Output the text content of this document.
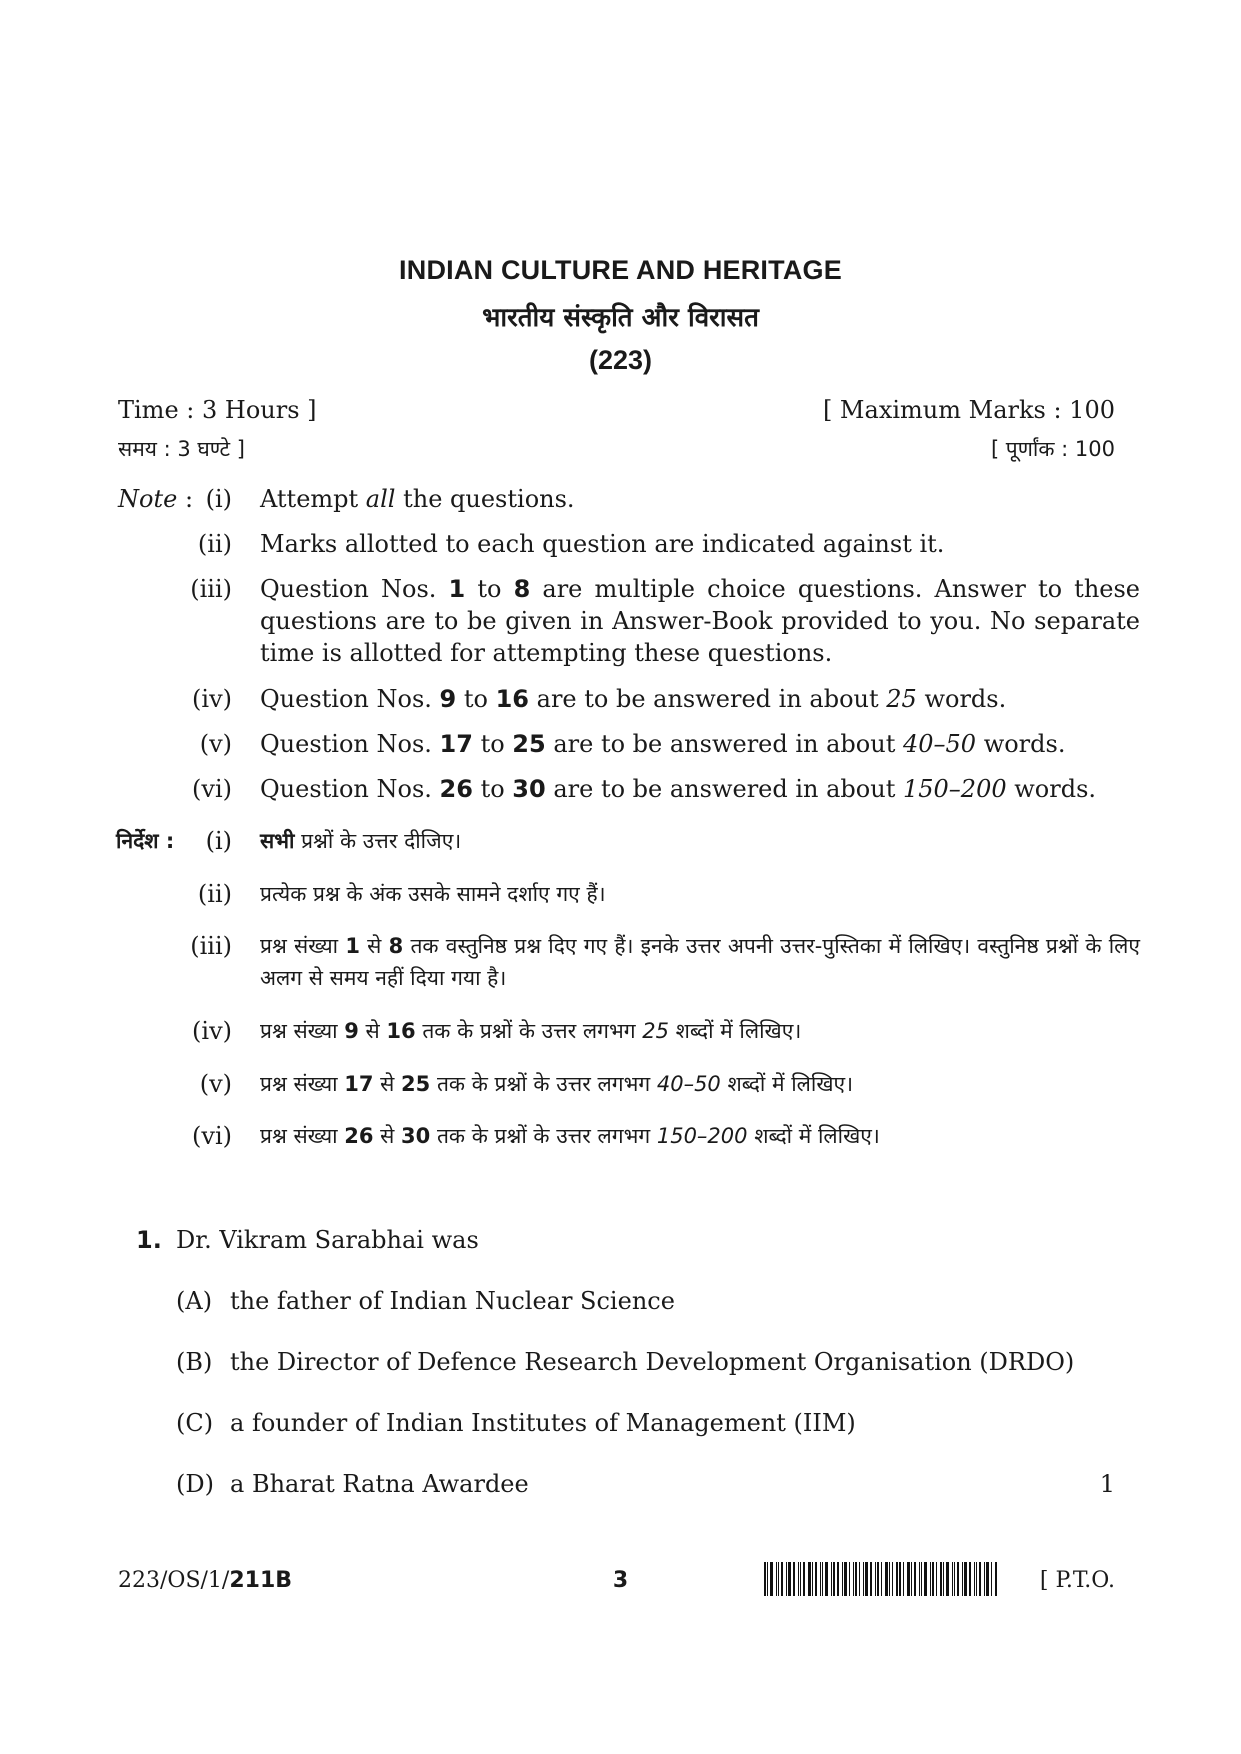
INDIAN CULTURE AND HERITAGE
भारतीय संस्कृति और विरासत
(223)
Time : 3 Hours ]
समय : 3 घण्टे ]
[ Maximum Marks : 100
[ पूर्णांक : 100
Note : (i) Attempt all the questions.
(ii) Marks allotted to each question are indicated against it.
(iii) Question Nos. 1 to 8 are multiple choice questions. Answer to these questions are to be given in Answer-Book provided to you. No separate time is allotted for attempting these questions.
(iv) Question Nos. 9 to 16 are to be answered in about 25 words.
(v) Question Nos. 17 to 25 are to be answered in about 40–50 words.
(vi) Question Nos. 26 to 30 are to be answered in about 150–200 words.
निर्देश :	(i) सभी प्रश्नों के उत्तर दीजिए।
(ii) प्रत्येक प्रश्न के अंक उसके सामने दर्शाए गए हैं।
(iii) प्रश्न संख्या 1 से 8 तक वस्तुनिष्ठ प्रश्न दिए गए हैं। इनके उत्तर अपनी उत्तर-पुस्तिका में लिखिए। वस्तुनिष्ठ प्रश्नों के लिए अलग से समय नहीं दिया गया है।
(iv) प्रश्न संख्या 9 से 16 तक के प्रश्नों के उत्तर लगभग 25 शब्दों में लिखिए।
(v) प्रश्न संख्या 17 से 25 तक के प्रश्नों के उत्तर लगभग 40–50 शब्दों में लिखिए।
(vi) प्रश्न संख्या 26 से 30 तक के प्रश्नों के उत्तर लगभग 150–200 शब्दों में लिखिए।
1. Dr. Vikram Sarabhai was
(A) the father of Indian Nuclear Science
(B) the Director of Defence Research Development Organisation (DRDO)
(C) a founder of Indian Institutes of Management (IIM)
(D) a Bharat Ratna Awardee	1
223/OS/1/211B	3	[ P.T.O.
